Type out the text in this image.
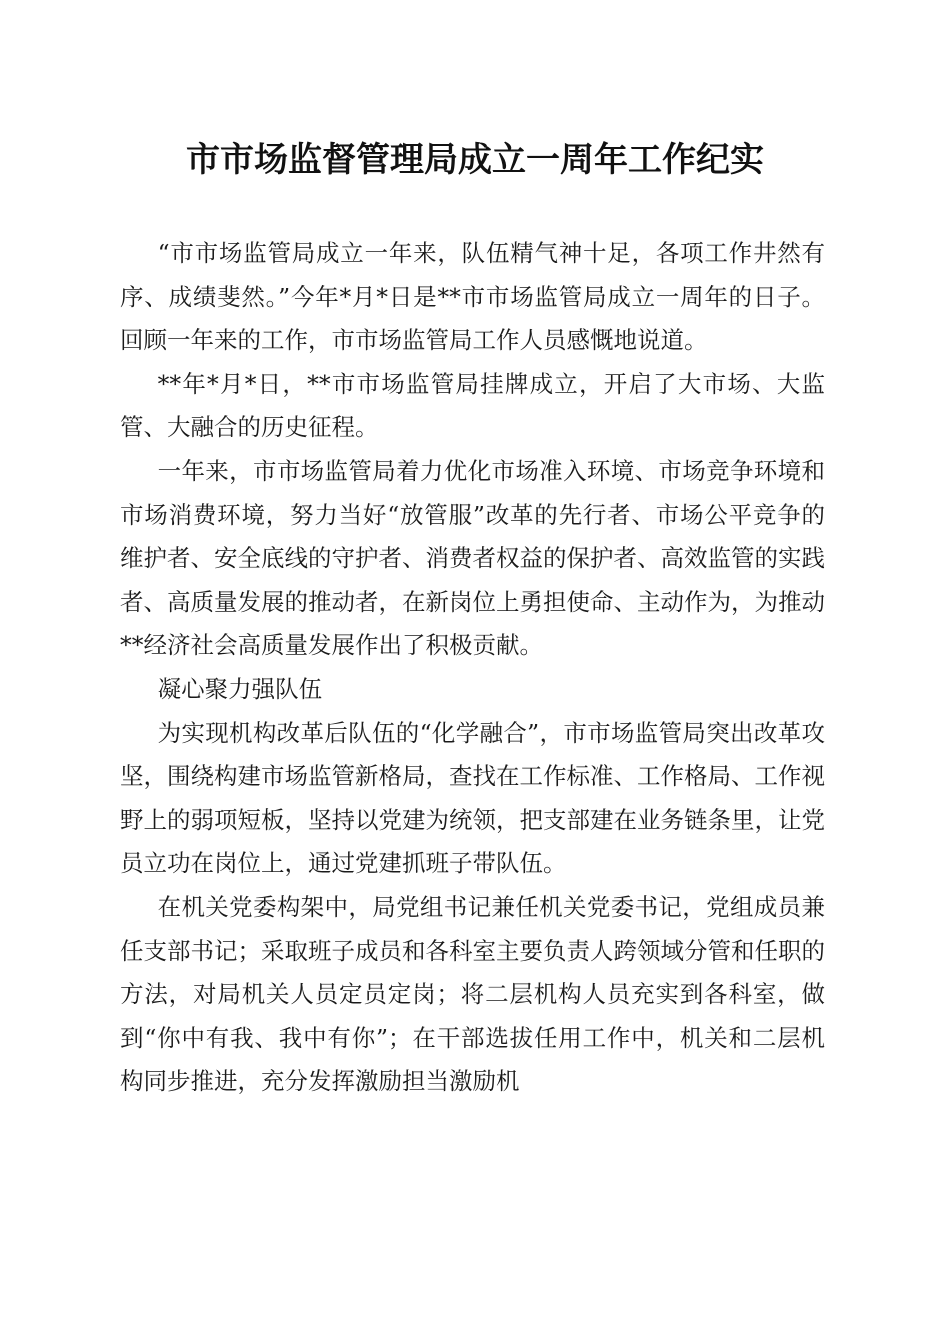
市市场监督管理局成立一周年工作纪实

“市市场监管局成立一年来，队伍精气神十足，各项工作井然有序、成绩斐然。”今年*月*日是**市市场监管局成立一周年的日子。回顾一年来的工作，市市场监管局工作人员感慨地说道。

**年*月*日，**市市场监管局挂牌成立，开启了大市场、大监管、大融合的历史征程。

一年来，市市场监管局着力优化市场准入环境、市场竞争环境和市场消费环境，努力当好“放管服”改革的先行者、市场公平竞争的维护者、安全底线的守护者、消费者权益的保护者、高效监管的实践者、高质量发展的推动者，在新岗位上勇担使命、主动作为，为推动**经济社会高质量发展作出了积极贡献。

凝心聚力强队伍

为实现机构改革后队伍的“化学融合”，市市场监管局突出改革攻坚，围绕构建市场监管新格局，查找在工作标准、工作格局、工作视野上的弱项短板，坚持以党建为统领，把支部建在业务链条里，让党员立功在岗位上，通过党建抓班子带队伍。

在机关党委构架中，局党组书记兼任机关党委书记，党组成员兼任支部书记；采取班子成员和各科室主要负责人跨领域分管和任职的方法，对局机关人员定员定岗；将二层机构人员充实到各科室，做到“你中有我、我中有你”；在干部选拔任用工作中，机关和二层机构同步推进，充分发挥激励担当激励机
